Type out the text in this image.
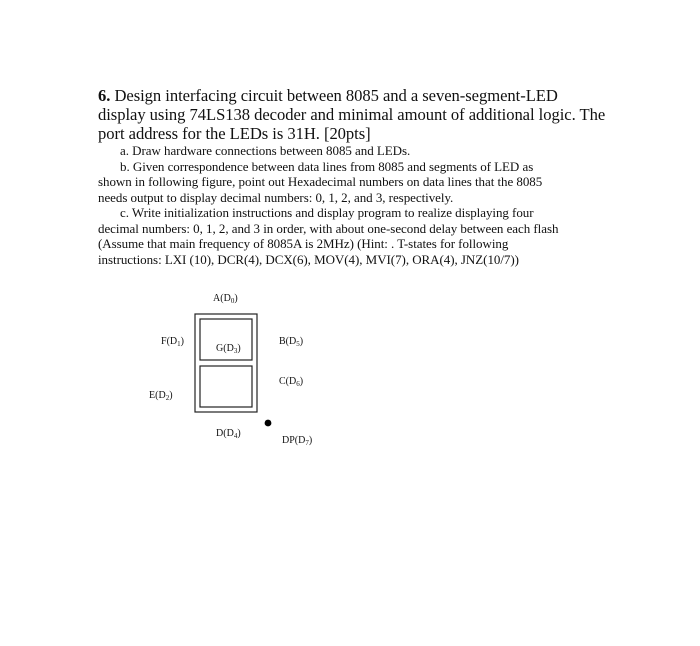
6. Design interfacing circuit between 8085 and a seven-segment-LED
display using 74LS138 decoder and minimal amount of additional logic. The
port address for the LEDs is 31H. [20pts]

a. Draw hardware connections between 8085 and LEDs.

b. Given correspondence between data lines from 8085 and segments of LED as
shown in following figure, point out Hexadecimal numbers on data lines that the 8085
needs output to display decimal numbers: 0, 1, 2, and 3, respectively.

c. Write initialization instructions and display program to realize displaying four
decimal numbers: 0, 1, 2, and 3 in order, with about one-second delay between each flash
(Assume that main frequency of 8085A is 2MHz) (Hint: . T-states for following
instructions: LXI (10), DCR(4), DCX(6), MOV(4), MVI(7), ORA(4), JNZ(10/7))

$A(D_0)$
$F(D_1)$
$G(D_3)$
$B(D_5)$
$C(D_6)$
$E(D_2)$
$D(D_4)$
$DP(D_7)$
